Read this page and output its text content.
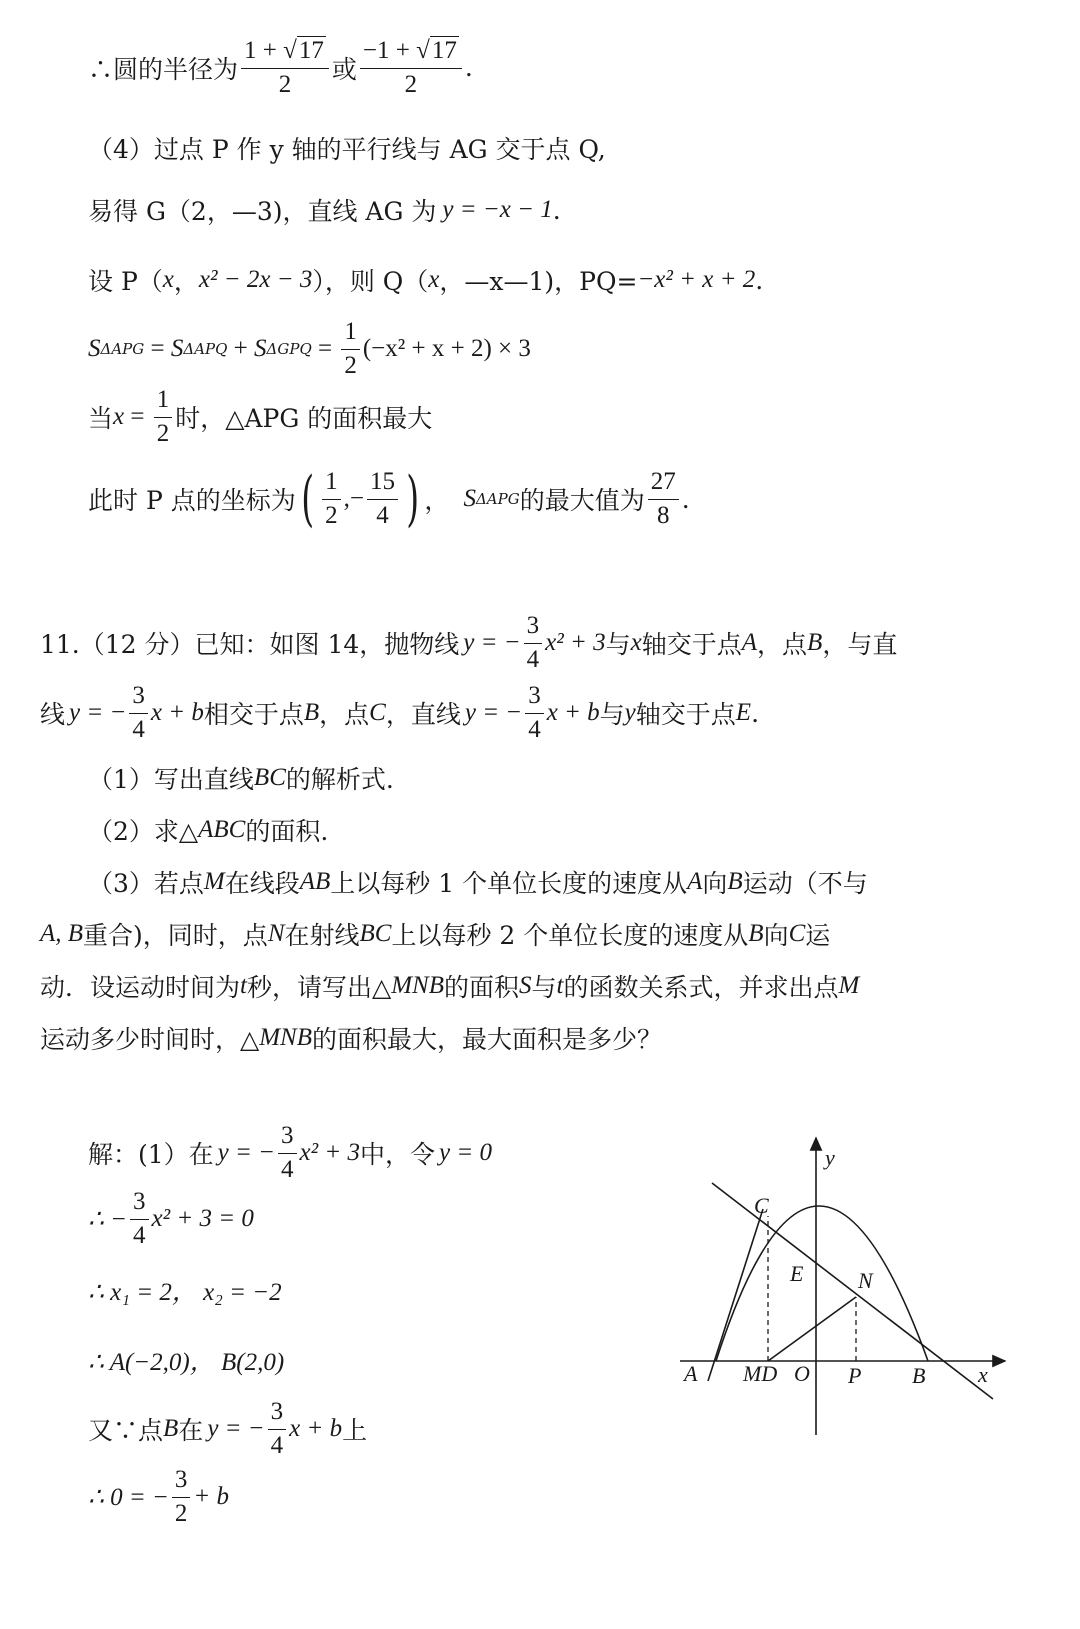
∴圆的半径为 $\frac{1 + √ 17}{2}$ 或 $\frac{-1 + √ 17}{2}$ .
（4）过点 P 作 y 轴的平行线与 AG 交于点 Q,
易得 G（2，—3)，直线 AG 为 y = −x − 1 .
设 P（ x ， x² − 2x − 3 ），则 Q（ x ，—x—1)，PQ= −x² + x + 2 .
S ΔAPG = S ΔAPQ + S $\Delta GPQ = \frac{1}{2} (-x^2 + x + 2) \times 3$
当 $x = \frac{1}{2}$ 时，△APG 的面积最大
此时 P 点的坐标为 ( $\frac{1}{2}$ ,− $\frac{15}{4}$ ) ， S ΔAPG 的最大值为 $\frac{27}{8}$ .
11.（12 分）已知：如图 14，抛物线 y = − $\frac{3}{4} x^2 + 3$ 与 x 轴交于点 A ，点 B ，与直
线 y = − $\frac{3}{4}$ x + b 相交于点 B ，点 C ，直线 y = − $\frac{3}{4}$ x + b 与 y 轴交于点 E .
（1）写出直线 BC 的解析式.
（2）求△ ABC 的面积.
（3）若点 M 在线段 AB 上以每秒 1 个单位长度的速度从 A 向 B 运动（不与
A, B 重合)，同时，点 N 在射线 BC 上以每秒 2 个单位长度的速度从 B 向 C 运
动．设运动时间为 t 秒，请写出△ MNB 的面积 S 与 t 的函数关系式，并求出点 M
运动多少时间时，△ MNB 的面积最大，最大面积是多少？
解：(1）在 y = − $\frac{3}{4} x^2 + 3$ 中，令 y = 0
∴ − $\frac{3}{4} x^2 + 3 = 0$
∴ x₁ = 2， x₂ = −2
∴ A(−2,0)， B(2,0)
又∵点 B 在 y = − $\frac{3}{4}$ x + b 上
∴ 0 = − $\frac{3}{2} + b$
y
x
C
E N
A MD O P B
